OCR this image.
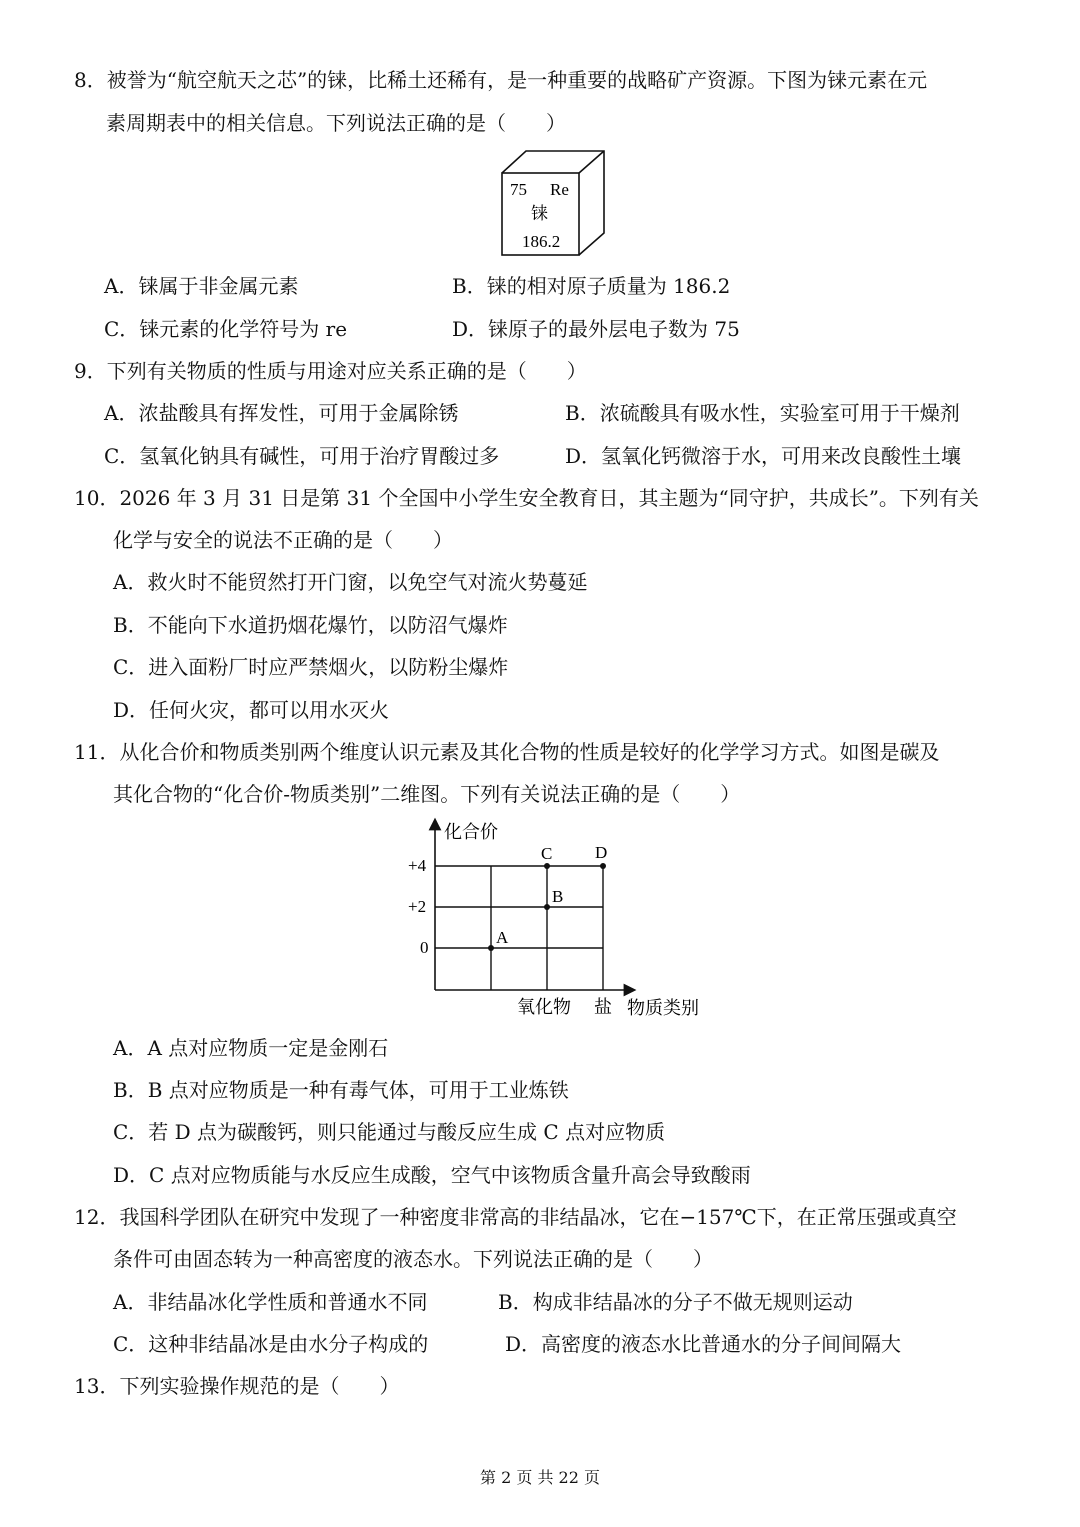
8．被誉为“航空航天之芯”的铼，比稀土还稀有，是一种重要的战略矿产资源。下图为铼元素在元
素周期表中的相关信息。下列说法正确的是（　　）
75 Re
铼
186.2
A．铼属于非金属元素	B．铼的相对原子质量为 186.2
C．铼元素的化学符号为 re	D．铼原子的最外层电子数为 75
9．下列有关物质的性质与用途对应关系正确的是（　　）
A．浓盐酸具有挥发性，可用于金属除锈	B．浓硫酸具有吸水性，实验室可用于干燥剂
C．氢氧化钠具有碱性，可用于治疗胃酸过多	D．氢氧化钙微溶于水，可用来改良酸性土壤
10．2026 年 3 月 31 日是第 31 个全国中小学生安全教育日，其主题为“同守护，共成长”。下列有关
化学与安全的说法不正确的是（　　）
A．救火时不能贸然打开门窗，以免空气对流火势蔓延
B．不能向下水道扔烟花爆竹，以防沼气爆炸
C．进入面粉厂时应严禁烟火，以防粉尘爆炸
D．任何火灾，都可以用水灭火
11．从化合价和物质类别两个维度认识元素及其化合物的性质是较好的化学学习方式。如图是碳及
其化合物的“化合价-物质类别”二维图。下列有关说法正确的是（　　）
化合价
+4
+2
0
氧化物 盐 物质类别
A
B
C	D
A．A 点对应物质一定是金刚石
B．B 点对应物质是一种有毒气体，可用于工业炼铁
C．若 D 点为碳酸钙，则只能通过与酸反应生成 C 点对应物质
D．C 点对应物质能与水反应生成酸，空气中该物质含量升高会导致酸雨
12．我国科学团队在研究中发现了一种密度非常高的非结晶冰，它在−157℃下，在正常压强或真空
条件可由固态转为一种高密度的液态水。下列说法正确的是（　　）
A．非结晶冰化学性质和普通水不同	B．构成非结晶冰的分子不做无规则运动
C．这种非结晶冰是由水分子构成的	D．高密度的液态水比普通水的分子间间隔大
13．下列实验操作规范的是（　　）
第 2 页 共 22 页
